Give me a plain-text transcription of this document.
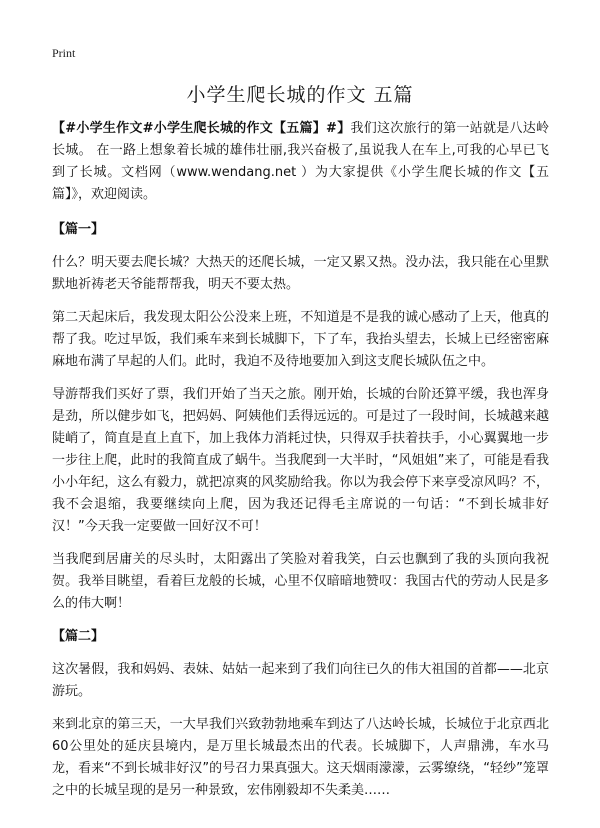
Print
小学生爬长城的作文 五篇

【#小学生作文#小学生爬长城的作文【五篇】#】我们这次旅行的第一站就是八达岭长城。 在一路上想象着长城的雄伟壮丽,我兴奋极了,虽说我人在车上,可我的心早已飞到了长城。文档网（www.wendang.net ）为大家提供《小学生爬长城的作文【五篇】》，欢迎阅读。

【篇一】

什么？明天要去爬长城？大热天的还爬长城，一定又累又热。没办法，我只能在心里默默地祈祷老天爷能帮帮我，明天不要太热。

第二天起床后，我发现太阳公公没来上班，不知道是不是我的诚心感动了上天，他真的帮了我。吃过早饭，我们乘车来到长城脚下，下了车，我抬头望去，长城上已经密密麻麻地布满了早起的人们。此时，我迫不及待地要加入到这支爬长城队伍之中。

导游帮我们买好了票，我们开始了当天之旅。刚开始，长城的台阶还算平缓，我也浑身是劲，所以健步如飞，把妈妈、阿姨他们丢得远远的。可是过了一段时间，长城越来越陡峭了，简直是直上直下，加上我体力消耗过快，只得双手扶着扶手，小心翼翼地一步一步往上爬，此时的我简直成了蜗牛。当我爬到一大半时，“风姐姐”来了，可能是看我小小年纪，这么有毅力，就把凉爽的风奖励给我。你以为我会停下来享受凉风吗？不，我不会退缩，我要继续向上爬，因为我还记得毛主席说的一句话：“不到长城非好汉！”今天我一定要做一回好汉不可！

当我爬到居庸关的尽头时，太阳露出了笑脸对着我笑，白云也飘到了我的头顶向我祝贺。我举目眺望，看着巨龙般的长城，心里不仅暗暗地赞叹：我国古代的劳动人民是多么的伟大啊！

【篇二】

这次暑假，我和妈妈、表妹、姑姑一起来到了我们向往已久的伟大祖国的首都——北京游玩。

来到北京的第三天，一大早我们兴致勃勃地乘车到达了八达岭长城，长城位于北京西北60公里处的延庆县境内，是万里长城最杰出的代表。长城脚下，人声鼎沸，车水马龙，看来“不到长城非好汉”的号召力果真强大。这天烟雨濛濛，云雾缭绕，“轻纱”笼罩之中的长城呈现的是另一种景致，宏伟刚毅却不失柔美……
